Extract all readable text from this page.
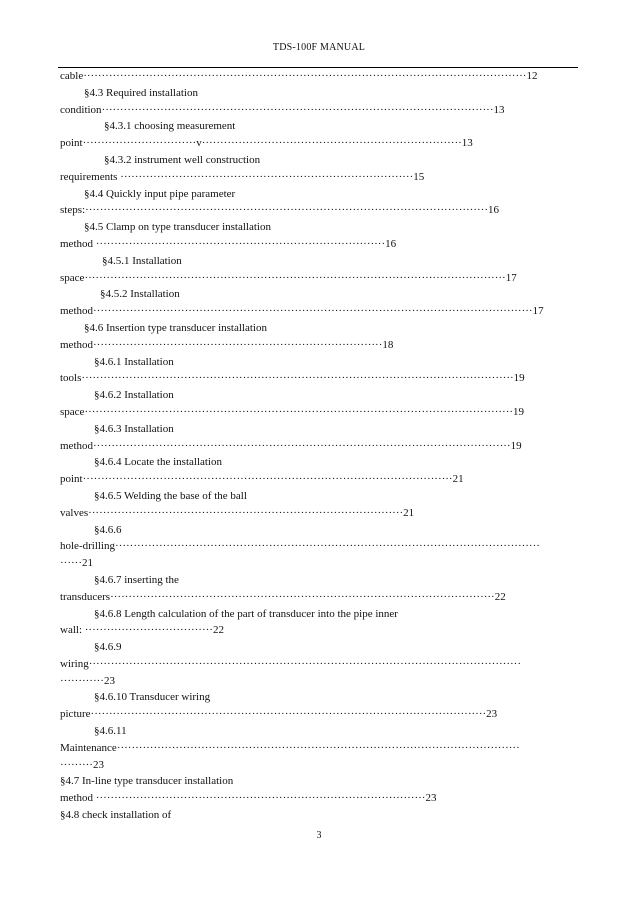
TDS-100F MANUAL
cable·························································································································12
§4.3 Required installation
condition···········································································································13
§4.3.1 choosing measurement
point·······························v·······································································13
§4.3.2 instrument well construction
requirements ················································································15
§4.4 Quickly input pipe parameter
steps:··············································································································16
§4.5 Clamp on type transducer installation
method ···············································································16
§4.5.1 Installation
space···················································································································17
§4.5.2 Installation
method························································································································17
§4.6 Insertion type transducer installation
method···············································································18
§4.6.1 Installation
tools······················································································································19
§4.6.2 Installation
space·····················································································································19
§4.6.3 Installation
method··················································································································19
§4.6.4 Locate the installation
point·····································································································21
§4.6.5 Welding the base of the ball
valves······················································································21
§4.6.6
hole-drilling····················································································································
······21
§4.6.7 inserting the
transducers·········································································································22
§4.6.8 Length calculation of the part of transducer into the pipe inner
wall: ···································22
§4.6.9
wiring······················································································································
············23
§4.6.10 Transducer wiring
picture············································································································23
§4.6.11
Maintenance··············································································································
·········23
§4.7 In-line type transducer installation
method ··························································································23
§4.8 check installation of
3
